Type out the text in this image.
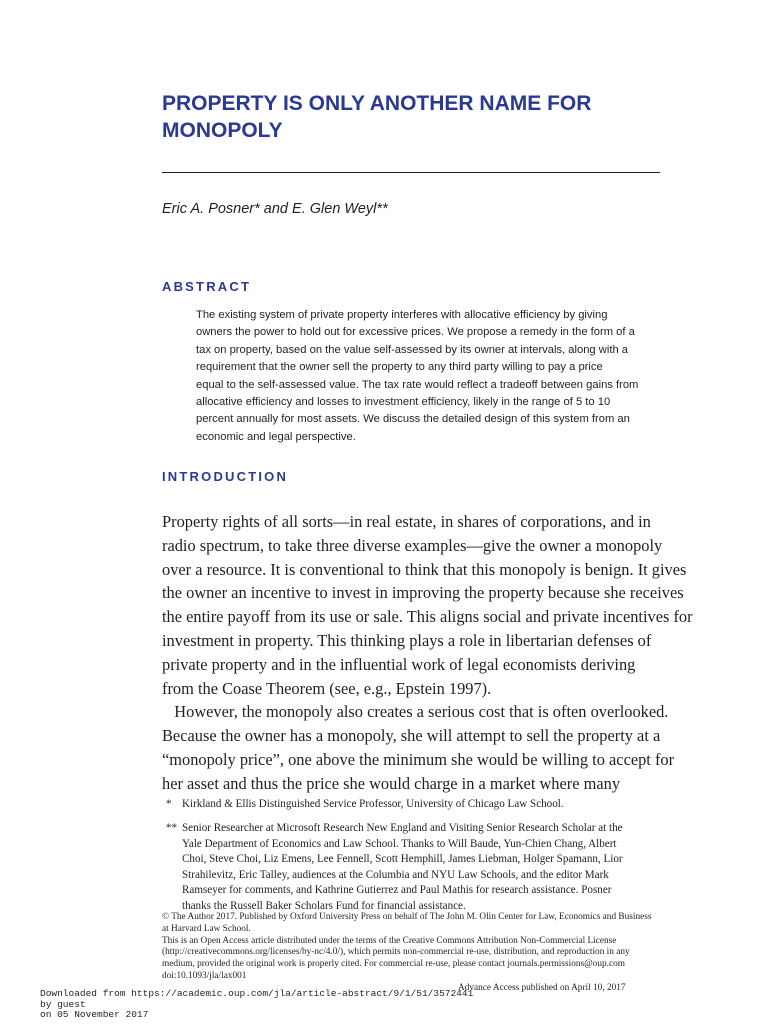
PROPERTY IS ONLY ANOTHER NAME FOR
MONOPOLY
Eric A. Posner* and E. Glen Weyl**
ABSTRACT
The existing system of private property interferes with allocative efficiency by giving
owners the power to hold out for excessive prices. We propose a remedy in the form of a
tax on property, based on the value self-assessed by its owner at intervals, along with a
requirement that the owner sell the property to any third party willing to pay a price
equal to the self-assessed value. The tax rate would reflect a tradeoff between gains from
allocative efficiency and losses to investment efficiency, likely in the range of 5 to 10
percent annually for most assets. We discuss the detailed design of this system from an
economic and legal perspective.
INTRODUCTION
Property rights of all sorts—in real estate, in shares of corporations, and in
radio spectrum, to take three diverse examples—give the owner a monopoly
over a resource. It is conventional to think that this monopoly is benign. It gives
the owner an incentive to invest in improving the property because she receives
the entire payoff from its use or sale. This aligns social and private incentives for
investment in property. This thinking plays a role in libertarian defenses of
private property and in the influential work of legal economists deriving
from the Coase Theorem (see, e.g., Epstein 1997).
However, the monopoly also creates a serious cost that is often overlooked.
Because the owner has a monopoly, she will attempt to sell the property at a
“monopoly price”, one above the minimum she would be willing to accept for
her asset and thus the price she would charge in a market where many
* Kirkland & Ellis Distinguished Service Professor, University of Chicago Law School.
** Senior Researcher at Microsoft Research New England and Visiting Senior Research Scholar at the
Yale Department of Economics and Law School. Thanks to Will Baude, Yun-Chien Chang, Albert
Choi, Steve Choi, Liz Emens, Lee Fennell, Scott Hemphill, James Liebman, Holger Spamann, Lior
Strahilevitz, Eric Talley, audiences at the Columbia and NYU Law Schools, and the editor Mark
Ramseyer for comments, and Kathrine Gutierrez and Paul Mathis for research assistance. Posner
thanks the Russell Baker Scholars Fund for financial assistance.
© The Author 2017. Published by Oxford University Press on behalf of The John M. Olin Center for Law, Economics and Business
at Harvard Law School.
This is an Open Access article distributed under the terms of the Creative Commons Attribution Non-Commercial License
(http://creativecommons.org/licenses/by-nc/4.0/), which permits non-commercial re-use, distribution, and reproduction in any
medium, provided the original work is properly cited. For commercial re-use, please contact journals.permissions@oup.com
doi:10.1093/jla/lax001
Advance Access published on April 10, 2017
Downloaded from https://academic.oup.com/jla/article-abstract/9/1/51/3572441
by guest
on 05 November 2017
